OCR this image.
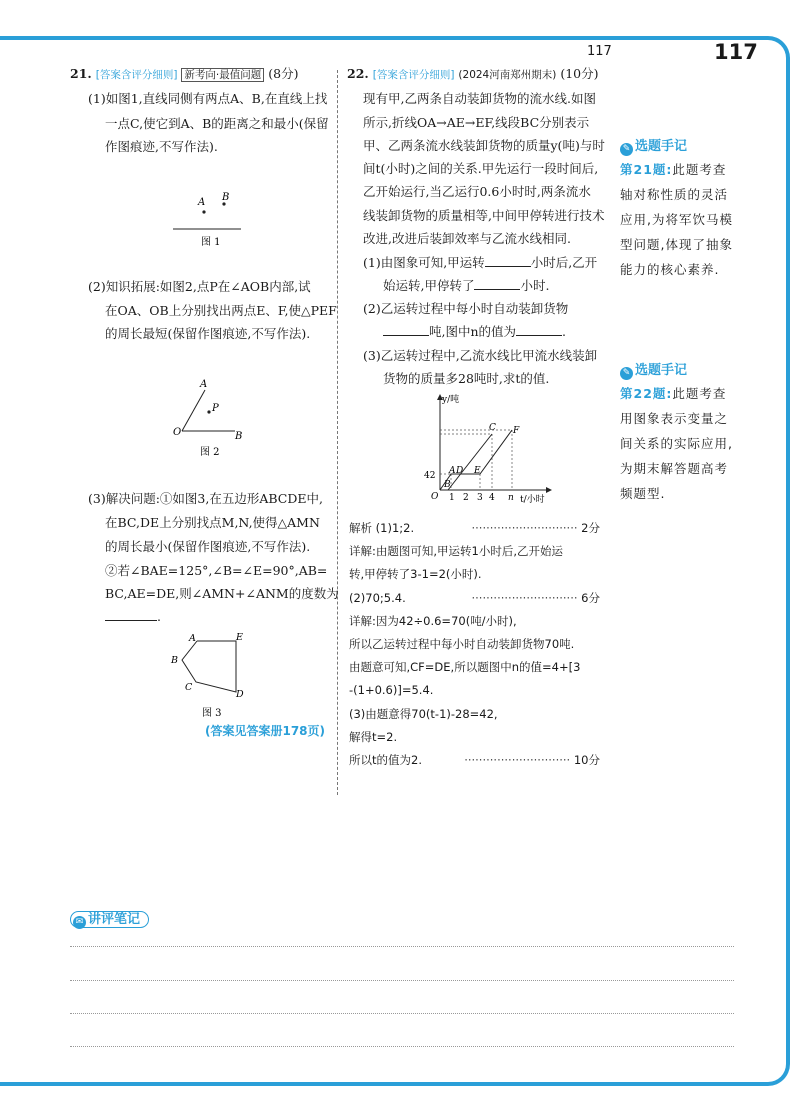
117	117
21. [答案含评分细则] 新考向·最值问题 (8分)
(1)如图1,直线同侧有两点A、B,在直线上找
一点C,使它到A、B的距离之和最小(保留
作图痕迹,不写作法).
A B
图 1
(2)知识拓展:如图2,点P在∠AOB内部,试
在OA、OB上分别找出两点E、F,使△PEF
的周长最短(保留作图痕迹,不写作法).
A
P
O	B
图 2
(3)解决问题:①如图3,在五边形ABCDE中,
在BC,DE上分别找点M,N,使得△AMN
的周长最小(保留作图痕迹,不写作法).
②若∠BAE=125°,∠B=∠E=90°,AB=
BC,AE=DE,则∠AMN+∠ANM的度数为
.
A	E
B
C
D
图 3
(答案见答案册178页)
22. [答案含评分细则] (2024河南郑州期末) (10分)
现有甲,乙两条自动装卸货物的流水线.如图
所示,折线OA→AE→EF,线段BC分别表示
甲、乙两条流水线装卸货物的质量y(吨)与时
间t(小时)之间的关系.甲先运行一段时间后,
乙开始运行,当乙运行0.6小时时,两条流水
线装卸货物的质量相等,中间甲停转进行技术
改进,改进后装卸效率与乙流水线相同.
(1)由图象可知,甲运转	小时后,乙开
始运转,甲停转了	小时.
(2)乙运转过程中每小时自动装卸货物
吨,图中n的值为	.
(3)乙运转过程中,乙流水线比甲流水线装卸
货物的质量多28吨时,求t的值.
y/吨
t/小时
42
O 1 2 3 4 n
A D
B
E
C F
解析 (1)1;2.	····························· 2分
详解:由题图可知,甲运转1小时后,乙开始运
转,甲停转了3-1=2(小时).
(2)70;5.4.	····························· 6分
详解:因为42÷0.6=70(吨/小时),
所以乙运转过程中每小时自动装卸货物70吨.
由题意可知,CF=DE,所以题图中n的值=4+[3
-(1+0.6)]=5.4.
(3)由题意得70(t-1)-28=42,
解得t=2.
所以t的值为2.	····························· 10分
✎ 选题手记
第21题:此题考查
轴对称性质的灵活
应用,为将军饮马模
型问题,体现了抽象
能力的核心素养.
✎ 选题手记
第22题:此题考查
用图象表示变量之
间关系的实际应用,
为期末解答题高考
频题型.
✉ 讲评笔记
